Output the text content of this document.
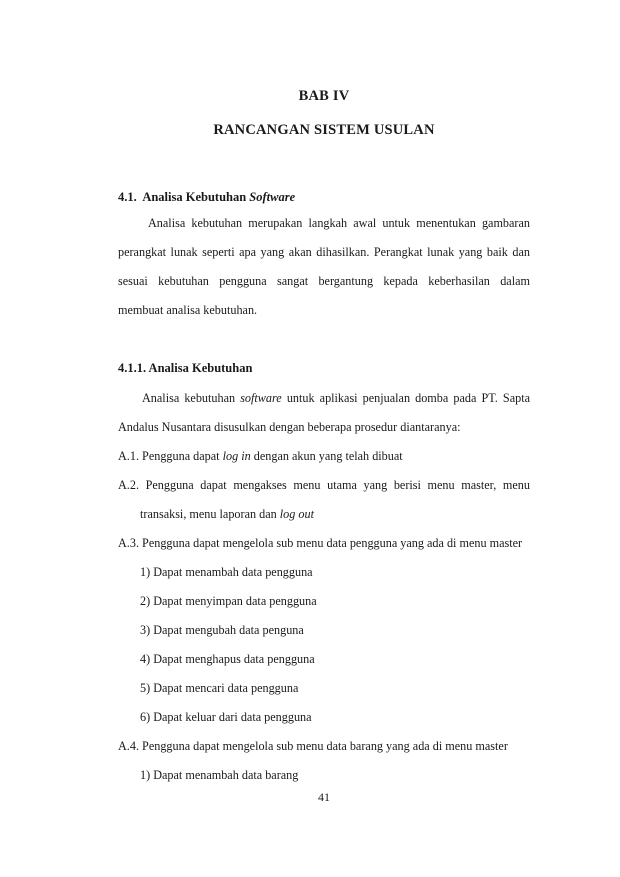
BAB IV
RANCANGAN SISTEM USULAN
4.1. Analisa Kebutuhan Software
Analisa kebutuhan merupakan langkah awal untuk menentukan gambaran
perangkat lunak seperti apa yang akan dihasilkan. Perangkat lunak yang baik dan
sesuai kebutuhan pengguna sangat bergantung kepada keberhasilan dalam
membuat analisa kebutuhan.
4.1.1. Analisa Kebutuhan
Analisa kebutuhan software untuk aplikasi penjualan domba pada PT. Sapta
Andalus Nusantara disusulkan dengan beberapa prosedur diantaranya:
A.1. Pengguna dapat log in dengan akun yang telah dibuat
A.2. Pengguna dapat mengakses menu utama yang berisi menu master, menu
transaksi, menu laporan dan log out
A.3. Pengguna dapat mengelola sub menu data pengguna yang ada di menu master
1) Dapat menambah data pengguna
2) Dapat menyimpan data pengguna
3) Dapat mengubah data penguna
4) Dapat menghapus data pengguna
5) Dapat mencari data pengguna
6) Dapat keluar dari data pengguna
A.4. Pengguna dapat mengelola sub menu data barang yang ada di menu master
1) Dapat menambah data barang
41
